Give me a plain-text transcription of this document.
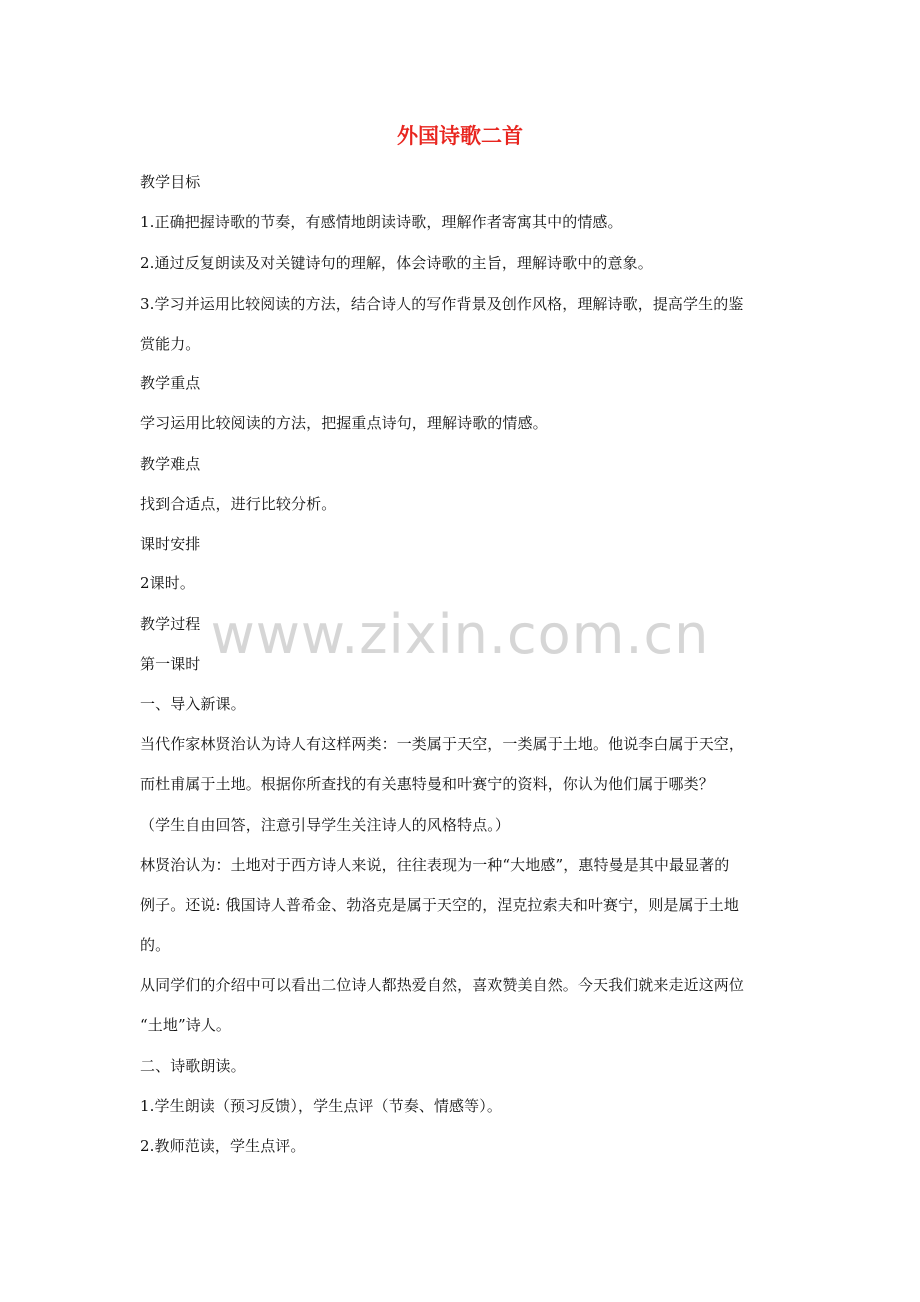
外国诗歌二首
教学目标
1.正确把握诗歌的节奏，有感情地朗读诗歌，理解作者寄寓其中的情感。
2.通过反复朗读及对关键诗句的理解，体会诗歌的主旨，理解诗歌中的意象。
3.学习并运用比较阅读的方法，结合诗人的写作背景及创作风格，理解诗歌，提高学生的鉴
赏能力。
教学重点
学习运用比较阅读的方法，把握重点诗句，理解诗歌的情感。
教学难点
找到合适点，进行比较分析。
课时安排
2课时。
教学过程
第一课时
一、导入新课。
当代作家林贤治认为诗人有这样两类：一类属于天空，一类属于土地。他说李白属于天空，
而杜甫属于土地。根据你所查找的有关惠特曼和叶赛宁的资料，你认为他们属于哪类？
（学生自由回答，注意引导学生关注诗人的风格特点。）
林贤治认为：土地对于西方诗人来说，往往表现为一种“大地感”，惠特曼是其中最显著的
例子。还说: 俄国诗人普希金、勃洛克是属于天空的，涅克拉索夫和叶赛宁，则是属于土地
的。
从同学们的介绍中可以看出二位诗人都热爱自然，喜欢赞美自然。今天我们就来走近这两位
“土地”诗人。
二、诗歌朗读。
1.学生朗读（预习反馈），学生点评（节奏、情感等）。
2.教师范读，学生点评。
www.zixin.com.cn
